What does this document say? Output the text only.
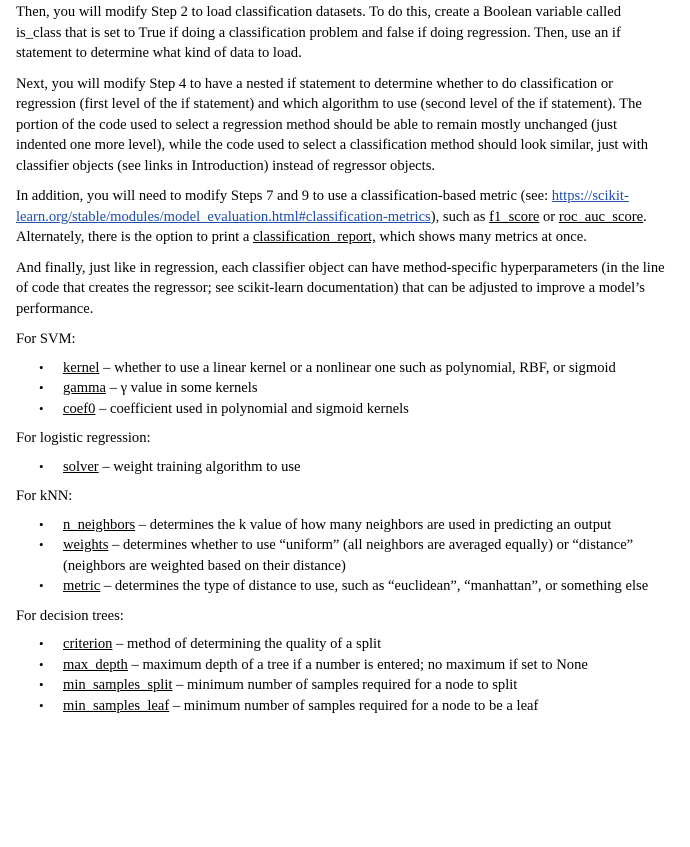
Then, you will modify Step 2 to load classification datasets. To do this, create a Boolean variable called is_class that is set to True if doing a classification problem and false if doing regression. Then, use an if statement to determine what kind of data to load.

Next, you will modify Step 4 to have a nested if statement to determine whether to do classification or regression (first level of the if statement) and which algorithm to use (second level of the if statement). The portion of the code used to select a regression method should be able to remain mostly unchanged (just indented one more level), while the code used to select a classification method should look similar, just with classifier objects (see links in Introduction) instead of regressor objects.

In addition, you will need to modify Steps 7 and 9 to use a classification-based metric (see: https://scikit-learn.org/stable/modules/model_evaluation.html#classification-metrics), such as f1_score or roc_auc_score. Alternately, there is the option to print a classification_report, which shows many metrics at once.

And finally, just like in regression, each classifier object can have method-specific hyperparameters (in the line of code that creates the regressor; see scikit-learn documentation) that can be adjusted to improve a model’s performance.

For SVM:

• kernel – whether to use a linear kernel or a nonlinear one such as polynomial, RBF, or sigmoid
• gamma – γ value in some kernels
• coef0 – coefficient used in polynomial and sigmoid kernels

For logistic regression:

• solver – weight training algorithm to use

For kNN:

• n_neighbors – determines the k value of how many neighbors are used in predicting an output
• weights – determines whether to use “uniform” (all neighbors are averaged equally) or “distance” (neighbors are weighted based on their distance)
• metric – determines the type of distance to use, such as “euclidean”, “manhattan”, or something else

For decision trees:

• criterion – method of determining the quality of a split
• max_depth – maximum depth of a tree if a number is entered; no maximum if set to None
• min_samples_split – minimum number of samples required for a node to split
• min_samples_leaf – minimum number of samples required for a node to be a leaf
